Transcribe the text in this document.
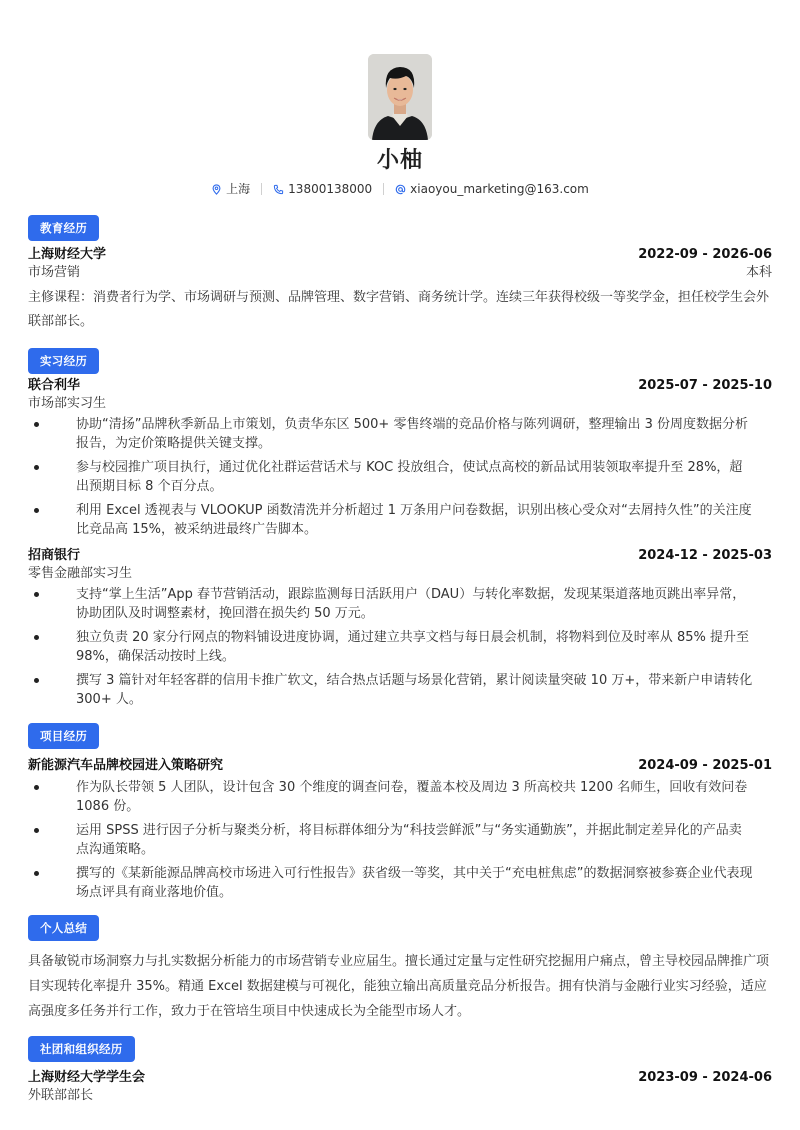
小柚
上海	13800138000	xiaoyou_marketing@163.com
教育经历
上海财经大学	2022-09 - 2026-06
市场营销	本科
主修课程：消费者行为学、市场调研与预测、品牌管理、数字营销、商务统计学。连续三年获得校级一等奖学金，担任校学生会外联部部长。
实习经历
联合利华	2025-07 - 2025-10
市场部实习生
协助“清扬”品牌秋季新品上市策划，负责华东区 500+ 零售终端的竞品价格与陈列调研，整理输出 3 份周度数据分析报告，为定价策略提供关键支撑。
参与校园推广项目执行，通过优化社群运营话术与 KOC 投放组合，使试点高校的新品试用装领取率提升至 28%，超出预期目标 8 个百分点。
利用 Excel 透视表与 VLOOKUP 函数清洗并分析超过 1 万条用户问卷数据，识别出核心受众对“去屑持久性”的关注度比竞品高 15%，被采纳进最终广告脚本。
招商银行	2024-12 - 2025-03
零售金融部实习生
支持“掌上生活”App 春节营销活动，跟踪监测每日活跃用户（DAU）与转化率数据，发现某渠道落地页跳出率异常，协助团队及时调整素材，挽回潜在损失约 50 万元。
独立负责 20 家分行网点的物料铺设进度协调，通过建立共享文档与每日晨会机制，将物料到位及时率从 85% 提升至 98%，确保活动按时上线。
撰写 3 篇针对年轻客群的信用卡推广软文，结合热点话题与场景化营销，累计阅读量突破 10 万+，带来新户申请转化 300+ 人。
项目经历
新能源汽车品牌校园进入策略研究	2024-09 - 2025-01
作为队长带领 5 人团队，设计包含 30 个维度的调查问卷，覆盖本校及周边 3 所高校共 1200 名师生，回收有效问卷 1086 份。
运用 SPSS 进行因子分析与聚类分析，将目标群体细分为“科技尝鲜派”与“务实通勤族”，并据此制定差异化的产品卖点沟通策略。
撰写的《某新能源品牌高校市场进入可行性报告》获省级一等奖，其中关于“充电桩焦虑”的数据洞察被参赛企业代表现场点评具有商业落地价值。
个人总结
具备敏锐市场洞察力与扎实数据分析能力的市场营销专业应届生。擅长通过定量与定性研究挖掘用户痛点，曾主导校园品牌推广项目实现转化率提升 35%。精通 Excel 数据建模与可视化，能独立输出高质量竞品分析报告。拥有快消与金融行业实习经验，适应高强度多任务并行工作，致力于在管培生项目中快速成长为全能型市场人才。
社团和组织经历
上海财经大学学生会	2023-09 - 2024-06
外联部部长
